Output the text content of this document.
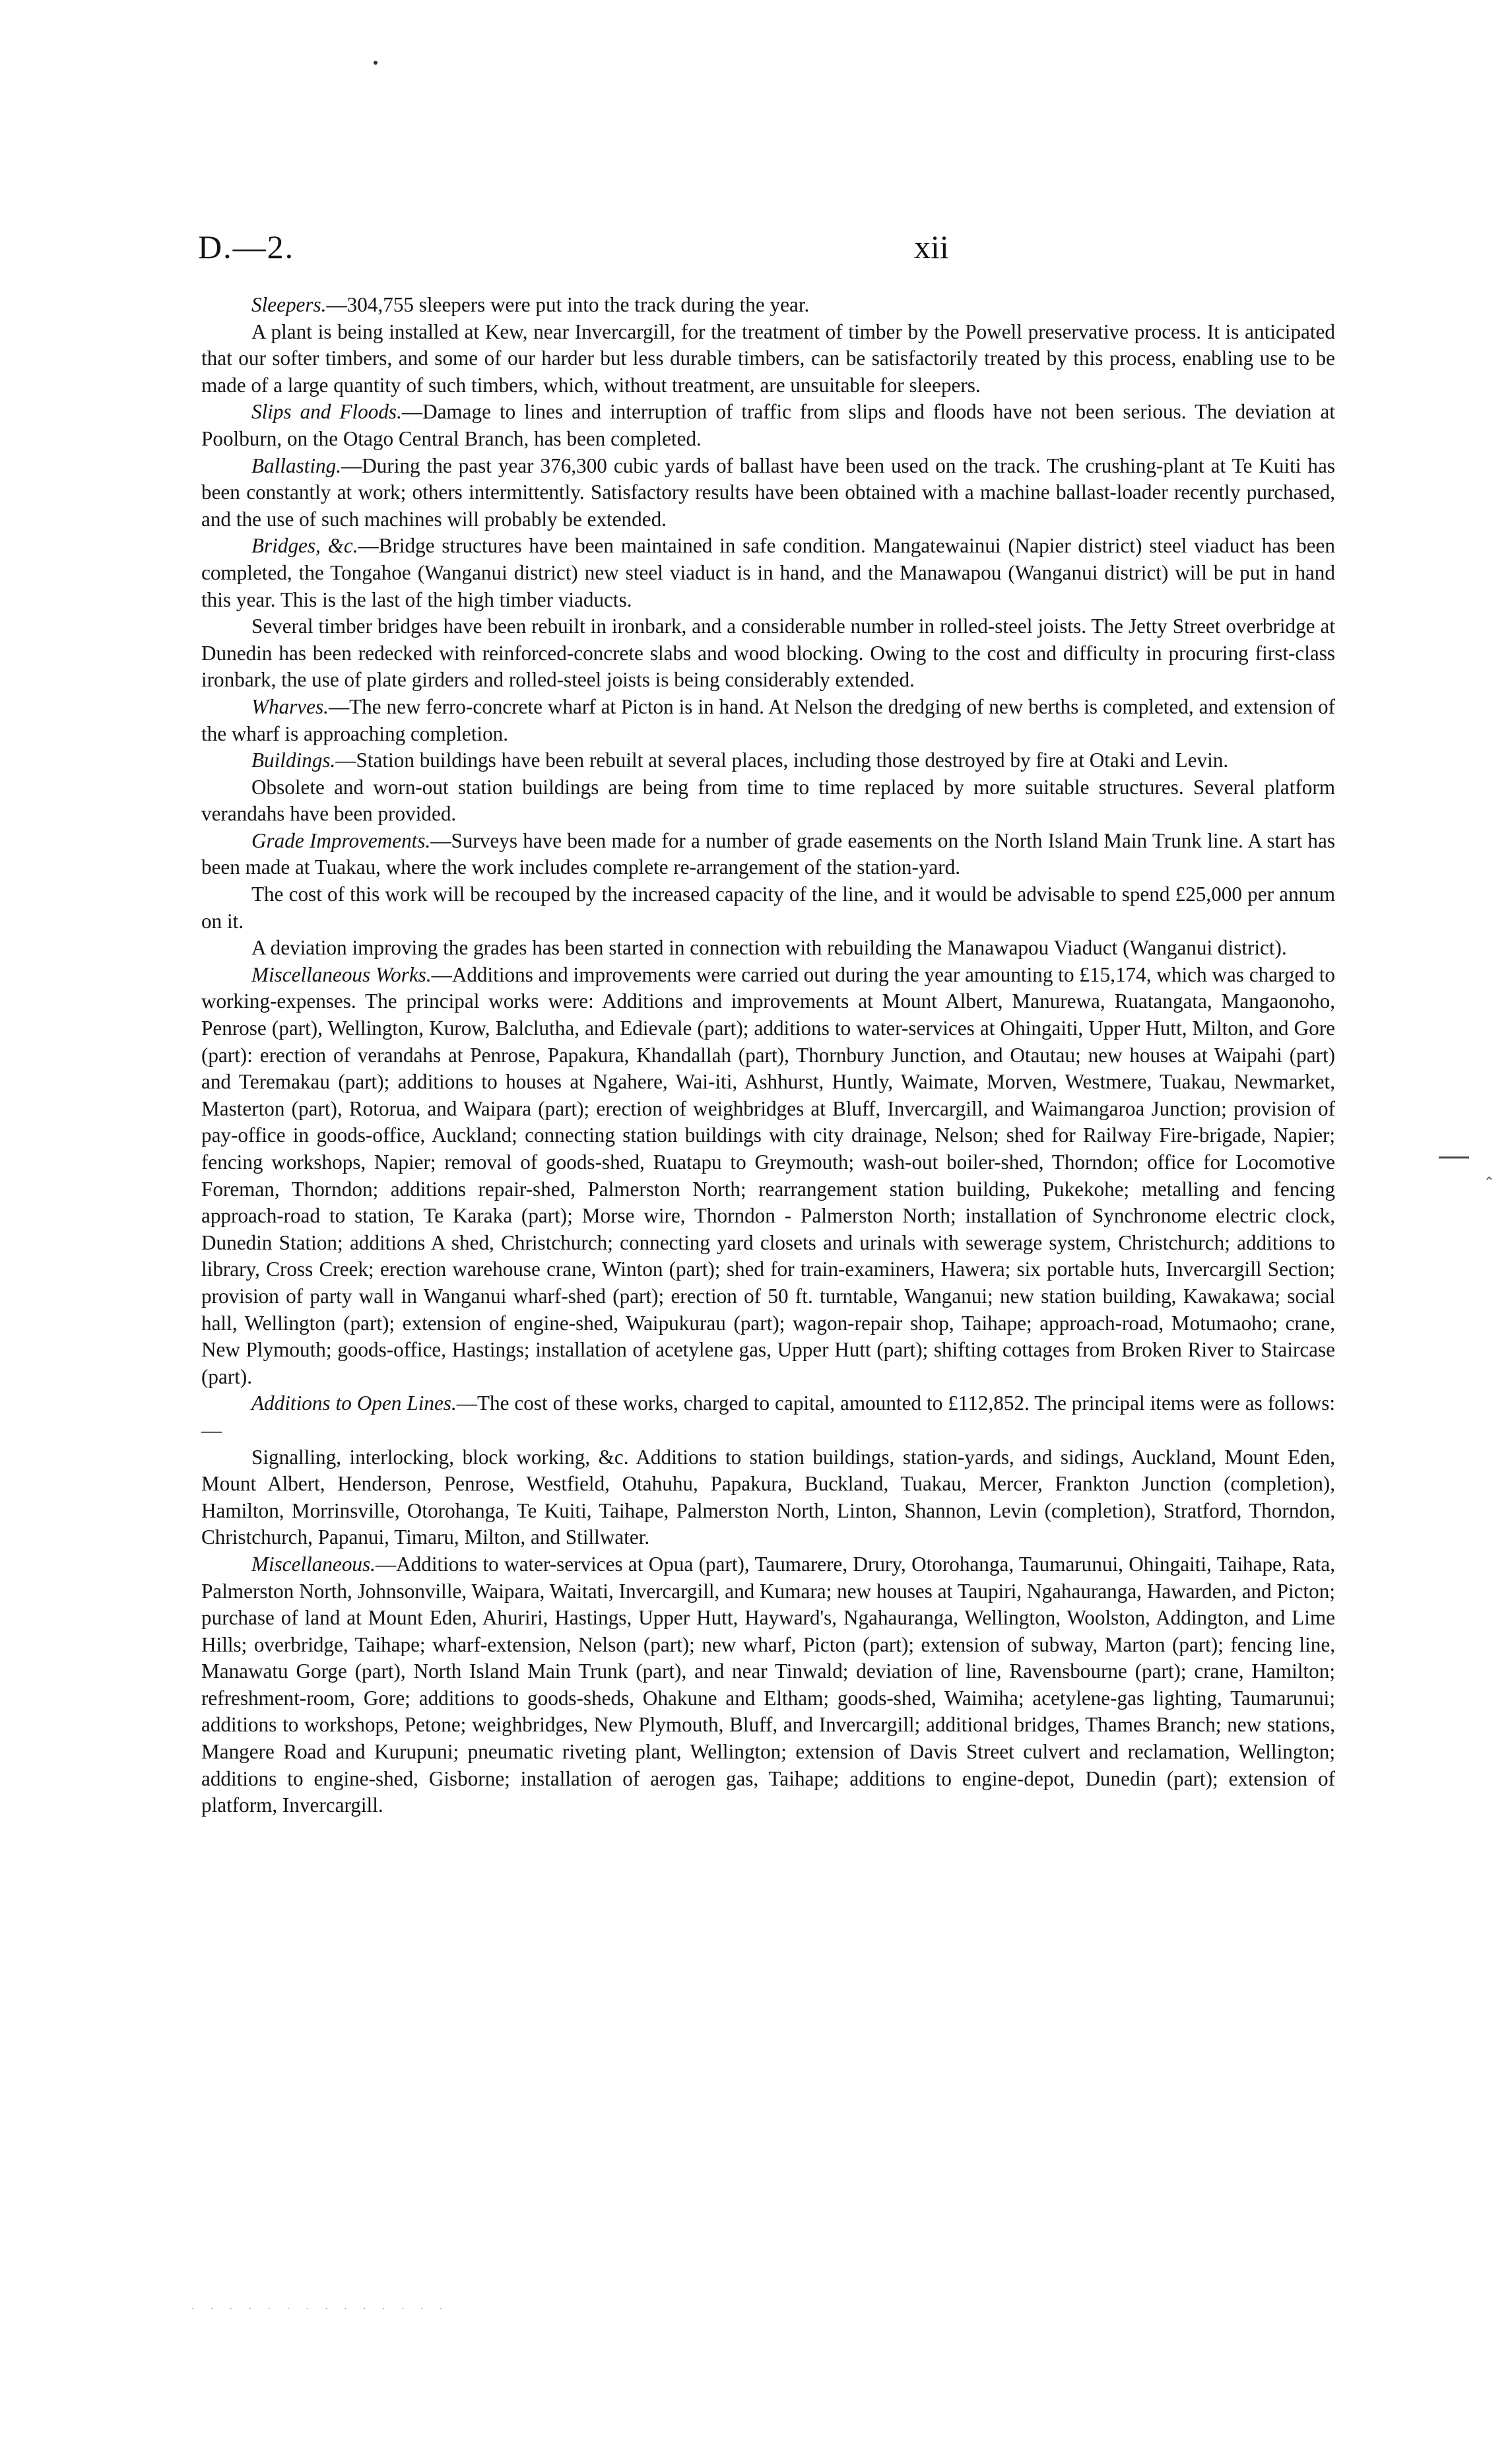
D.—2.	xii

Sleepers.—304,755 sleepers were put into the track during the year.

A plant is being installed at Kew, near Invercargill, for the treatment of timber by the Powell preservative process. It is anticipated that our softer timbers, and some of our harder but less durable timbers, can be satisfactorily treated by this process, enabling use to be made of a large quantity of such timbers, which, without treatment, are unsuitable for sleepers.

Slips and Floods.—Damage to lines and interruption of traffic from slips and floods have not been serious. The deviation at Poolburn, on the Otago Central Branch, has been completed.

Ballasting.—During the past year 376,300 cubic yards of ballast have been used on the track. The crushing-plant at Te Kuiti has been constantly at work; others intermittently. Satisfactory results have been obtained with a machine ballast-loader recently purchased, and the use of such machines will probably be extended.

Bridges, &c.—Bridge structures have been maintained in safe condition. Mangatewainui (Napier district) steel viaduct has been completed, the Tongahoe (Wanganui district) new steel viaduct is in hand, and the Manawapou (Wanganui district) will be put in hand this year. This is the last of the high timber viaducts.

Several timber bridges have been rebuilt in ironbark, and a considerable number in rolled-steel joists. The Jetty Street overbridge at Dunedin has been redecked with reinforced-concrete slabs and wood blocking. Owing to the cost and difficulty in procuring first-class ironbark, the use of plate girders and rolled-steel joists is being considerably extended.

Wharves.—The new ferro-concrete wharf at Picton is in hand. At Nelson the dredging of new berths is completed, and extension of the wharf is approaching completion.

Buildings.—Station buildings have been rebuilt at several places, including those destroyed by fire at Otaki and Levin.

Obsolete and worn-out station buildings are being from time to time replaced by more suitable structures. Several platform verandahs have been provided.

Grade Improvements.—Surveys have been made for a number of grade easements on the North Island Main Trunk line. A start has been made at Tuakau, where the work includes complete re-arrangement of the station-yard.

The cost of this work will be recouped by the increased capacity of the line, and it would be advisable to spend £25,000 per annum on it.

A deviation improving the grades has been started in connection with rebuilding the Manawapou Viaduct (Wanganui district).

Miscellaneous Works.—Additions and improvements were carried out during the year amounting to £15,174, which was charged to working-expenses. The principal works were: Additions and improvements at Mount Albert, Manurewa, Ruatangata, Mangaonoho, Penrose (part), Wellington, Kurow, Balclutha, and Edievale (part); additions to water-services at Ohingaiti, Upper Hutt, Milton, and Gore (part): erection of verandahs at Penrose, Papakura, Khandallah (part), Thornbury Junction, and Otautau; new houses at Waipahi (part) and Teremakau (part); additions to houses at Ngahere, Wai-iti, Ashhurst, Huntly, Waimate, Morven, Westmere, Tuakau, Newmarket, Masterton (part), Rotorua, and Waipara (part); erection of weighbridges at Bluff, Invercargill, and Waimangaroa Junction; provision of pay-office in goods-office, Auckland; connecting station buildings with city drainage, Nelson; shed for Railway Fire-brigade, Napier; fencing workshops, Napier; removal of goods-shed, Ruatapu to Greymouth; wash-out boiler-shed, Thorndon; office for Locomotive Foreman, Thorndon; additions repair-shed, Palmerston North; rearrangement station building, Pukekohe; metalling and fencing approach-road to station, Te Karaka (part); Morse wire, Thorndon - Palmerston North; installation of Synchronome electric clock, Dunedin Station; additions A shed, Christchurch; connecting yard closets and urinals with sewerage system, Christchurch; additions to library, Cross Creek; erection warehouse crane, Winton (part); shed for train-examiners, Hawera; six portable huts, Invercargill Section; provision of party wall in Wanganui wharf-shed (part); erection of 50 ft. turntable, Wanganui; new station building, Kawakawa; social hall, Wellington (part); extension of engine-shed, Waipukurau (part); wagon-repair shop, Taihape; approach-road, Motumaoho; crane, New Plymouth; goods-office, Hastings; installation of acetylene gas, Upper Hutt (part); shifting cottages from Broken River to Staircase (part).

Additions to Open Lines.—The cost of these works, charged to capital, amounted to £112,852. The principal items were as follows:—

Signalling, interlocking, block working, &c. Additions to station buildings, station-yards, and sidings, Auckland, Mount Eden, Mount Albert, Henderson, Penrose, Westfield, Otahuhu, Papakura, Buckland, Tuakau, Mercer, Frankton Junction (completion), Hamilton, Morrinsville, Otorohanga, Te Kuiti, Taihape, Palmerston North, Linton, Shannon, Levin (completion), Stratford, Thorndon, Christchurch, Papanui, Timaru, Milton, and Stillwater.

Miscellaneous.—Additions to water-services at Opua (part), Taumarere, Drury, Otorohanga, Taumarunui, Ohingaiti, Taihape, Rata, Palmerston North, Johnsonville, Waipara, Waitati, Invercargill, and Kumara; new houses at Taupiri, Ngahauranga, Hawarden, and Picton; purchase of land at Mount Eden, Ahuriri, Hastings, Upper Hutt, Hayward's, Ngahauranga, Wellington, Woolston, Addington, and Lime Hills; overbridge, Taihape; wharf-extension, Nelson (part); new wharf, Picton (part); extension of subway, Marton (part); fencing line, Manawatu Gorge (part), North Island Main Trunk (part), and near Tinwald; deviation of line, Ravensbourne (part); crane, Hamilton; refreshment-room, Gore; additions to goods-sheds, Ohakune and Eltham; goods-shed, Waimiha; acetylene-gas lighting, Taumarunui; additions to workshops, Petone; weighbridges, New Plymouth, Bluff, and Invercargill; additional bridges, Thames Branch; new stations, Mangere Road and Kurupuni; pneumatic riveting plant, Wellington; extension of Davis Street culvert and reclamation, Wellington; additions to engine-shed, Gisborne; installation of aerogen gas, Taihape; additions to engine-depot, Dunedin (part); extension of platform, Invercargill.

⌃
· · · · · · · · · · · · · ·
